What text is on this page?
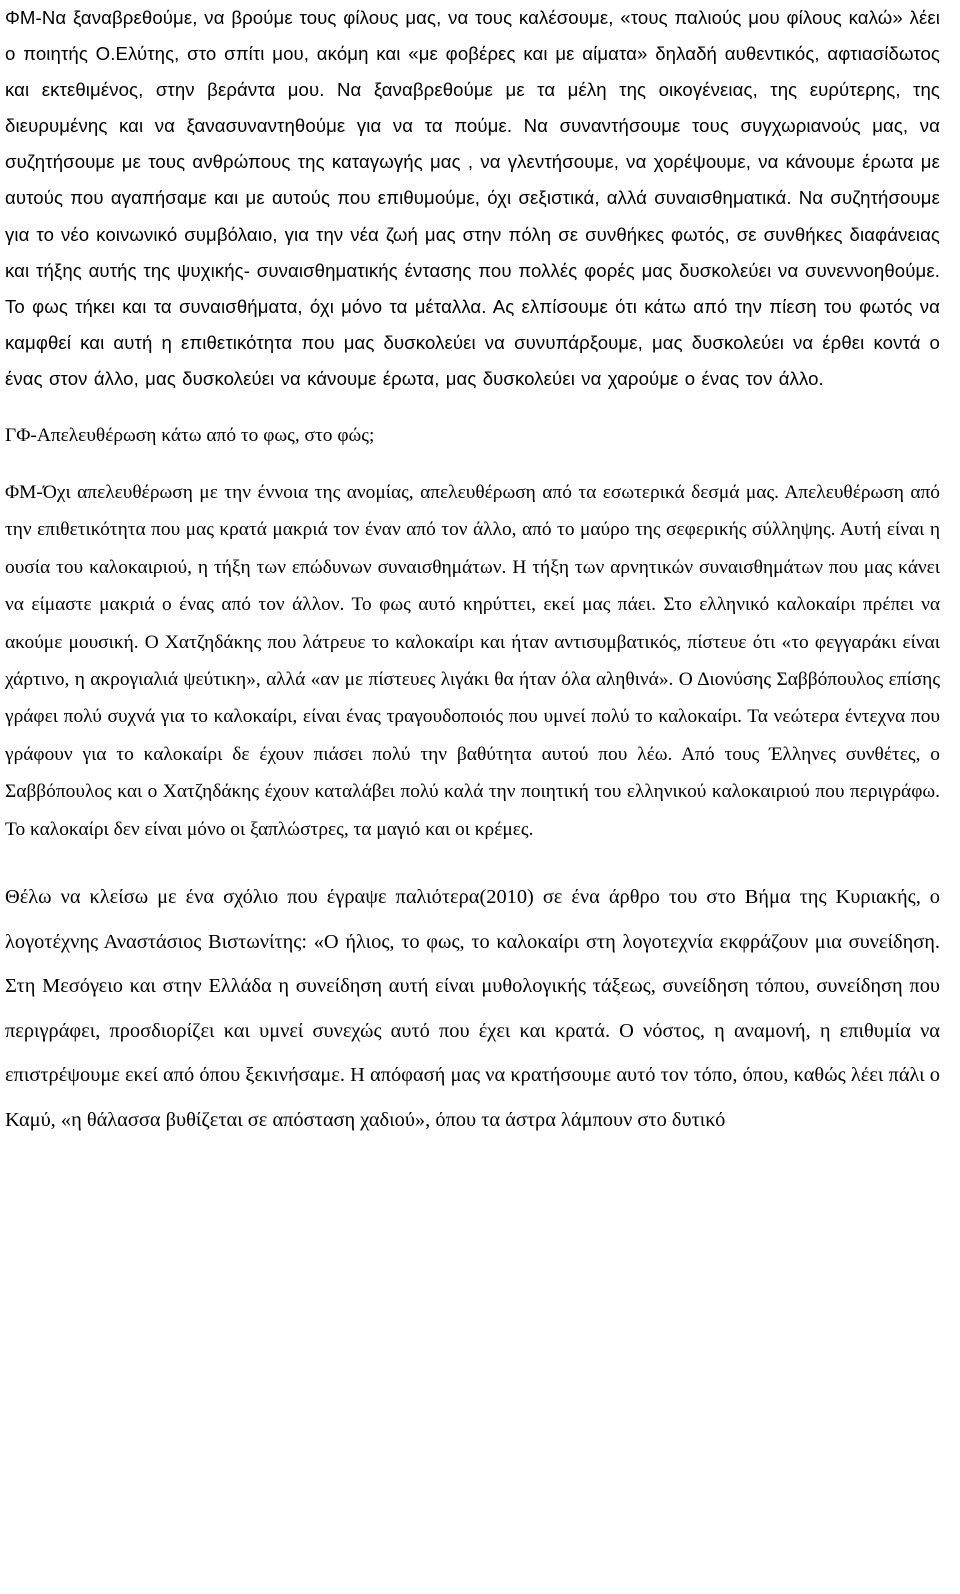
ΦΜ-Να ξαναβρεθούμε, να βρούμε τους φίλους μας, να τους καλέσουμε, «τους παλιούς μου φίλους καλώ» λέει ο ποιητής Ο.Ελύτης, στο σπίτι μου, ακόμη και «με φοβέρες και με αίματα» δηλαδή αυθεντικός, αφτιασίδωτος και εκτεθιμένος, στην βεράντα μου. Να ξαναβρεθούμε με τα μέλη της οικογένειας, της ευρύτερης, της διευρυμένης και να ξανασυναντηθούμε για να τα πούμε. Να συναντήσουμε τους συγχωριανούς μας, να συζητήσουμε με τους ανθρώπους της καταγωγής μας , να γλεντήσουμε, να χορέψουμε, να κάνουμε έρωτα με αυτούς που αγαπήσαμε και με αυτούς που επιθυμούμε, όχι σεξιστικά, αλλά συναισθηματικά. Να συζητήσουμε για το νέο κοινωνικό συμβόλαιο, για την νέα ζωή μας στην πόλη σε συνθήκες φωτός, σε συνθήκες διαφάνειας και τήξης αυτής της ψυχικής- συναισθηματικής έντασης που πολλές φορές μας δυσκολεύει να συνεννοηθούμε. Το φως τήκει και τα συναισθήματα, όχι μόνο τα μέταλλα. Ας ελπίσουμε ότι κάτω από την πίεση του φωτός να καμφθεί και αυτή η επιθετικότητα που μας δυσκολεύει να συνυπάρξουμε, μας δυσκολεύει να έρθει κοντά ο ένας στον άλλο, μας δυσκολεύει να κάνουμε έρωτα, μας δυσκολεύει να χαρούμε ο ένας τον άλλο.

ΓΦ-Απελευθέρωση κάτω από το φως, στο φώς;

ΦΜ-Όχι απελευθέρωση με την έννοια της ανομίας, απελευθέρωση από τα εσωτερικά δεσμά μας. Απελευθέρωση από την επιθετικότητα που μας κρατά μακριά τον έναν από τον άλλο, από το μαύρο της σεφερικής σύλληψης. Αυτή είναι η ουσία του καλοκαιριού, η τήξη των επώδυνων συναισθημάτων. Η τήξη των αρνητικών συναισθημάτων που μας κάνει να είμαστε μακριά ο ένας από τον άλλον. Το φως αυτό κηρύττει, εκεί μας πάει. Στο ελληνικό καλοκαίρι πρέπει να ακούμε μουσική. Ο Χατζηδάκης που λάτρευε το καλοκαίρι και ήταν αντισυμβατικός, πίστευε ότι «το φεγγαράκι είναι χάρτινο, η ακρογιαλιά ψεύτικη», αλλά «αν με πίστευες λιγάκι θα ήταν όλα αληθινά». Ο Διονύσης Σαββόπουλος επίσης γράφει πολύ συχνά για το καλοκαίρι, είναι ένας τραγουδοποιός που υμνεί πολύ το καλοκαίρι. Τα νεώτερα έντεχνα που γράφουν για το καλοκαίρι δε έχουν πιάσει πολύ την βαθύτητα αυτού που λέω. Από τους Έλληνες συνθέτες, ο Σαββόπουλος και ο Χατζηδάκης έχουν καταλάβει πολύ καλά την ποιητική του ελληνικού καλοκαιριού που περιγράφω. Το καλοκαίρι δεν είναι μόνο οι ξαπλώστρες, τα μαγιό και οι κρέμες.

Θέλω να κλείσω με ένα σχόλιο που έγραψε παλιότερα(2010) σε ένα άρθρο του στο Βήμα της Κυριακής, ο λογοτέχνης Αναστάσιος Βιστωνίτης: «Ο ήλιος, το φως, το καλοκαίρι στη λογοτεχνία εκφράζουν μια συνείδηση. Στη Μεσόγειο και στην Ελλάδα η συνείδηση αυτή είναι μυθολογικής τάξεως, συνείδηση τόπου, συνείδηση που περιγράφει, προσδιορίζει και υμνεί συνεχώς αυτό που έχει και κρατά. Ο νόστος, η αναμονή, η επιθυμία να επιστρέψουμε εκεί από όπου ξεκινήσαμε. Η απόφασή μας να κρατήσουμε αυτό τον τόπο, όπου, καθώς λέει πάλι ο Καμύ, «η θάλασσα βυθίζεται σε απόσταση χαδιού», όπου τα άστρα λάμπουν στο δυτικό
